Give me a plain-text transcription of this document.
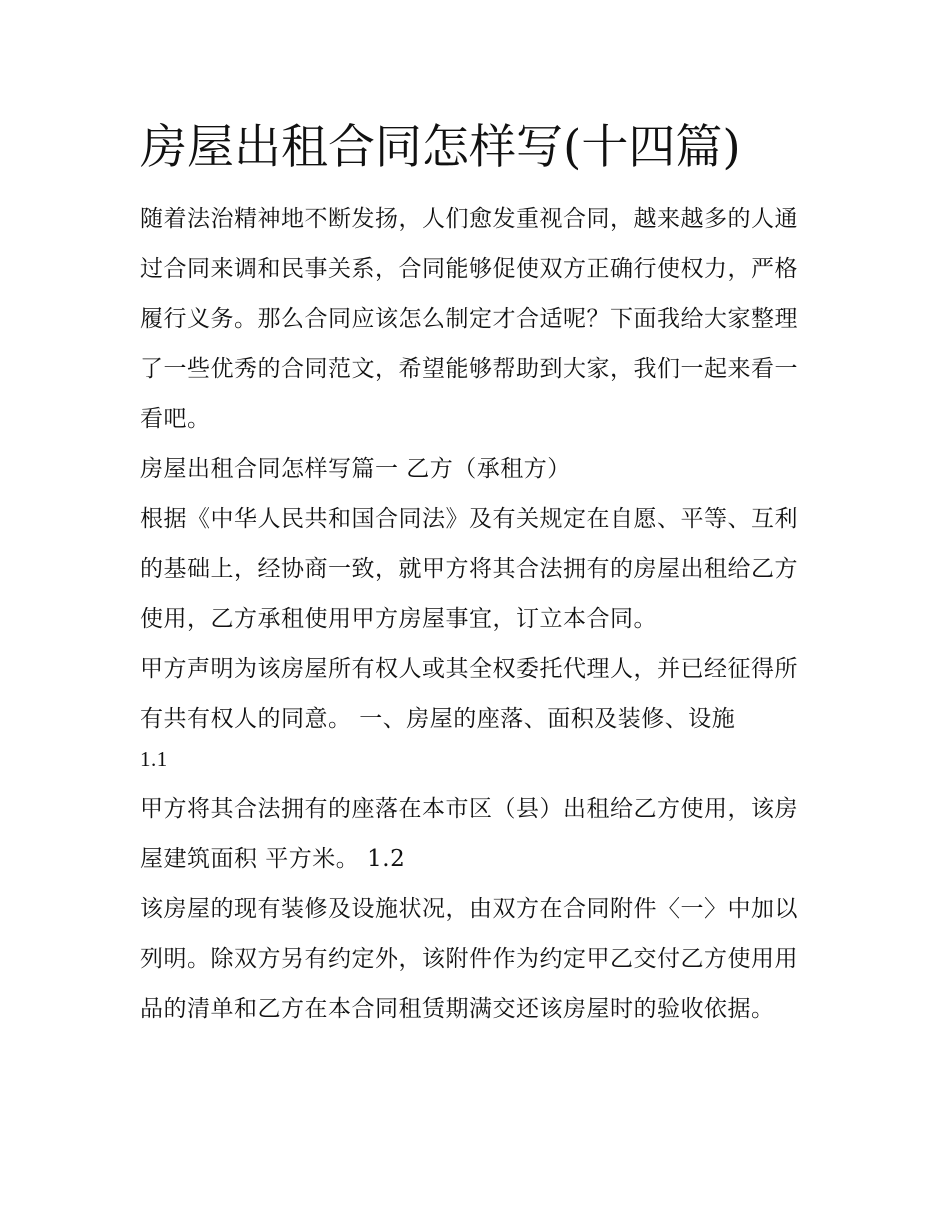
房屋出租合同怎样写(十四篇)

随着法治精神地不断发扬，人们愈发重视合同，越来越多的人通过合同来调和民事关系，合同能够促使双方正确行使权力，严格履行义务。那么合同应该怎么制定才合适呢？下面我给大家整理了一些优秀的合同范文，希望能够帮助到大家，我们一起来看一看吧。

房屋出租合同怎样写篇一 乙方（承租方）

根据《中华人民共和国合同法》及有关规定在自愿、平等、互利的基础上，经协商一致，就甲方将其合法拥有的房屋出租给乙方使用，乙方承租使用甲方房屋事宜，订立本合同。

甲方声明为该房屋所有权人或其全权委托代理人，并已经征得所有共有权人的同意。 一、房屋的座落、面积及装修、设施

1.1

甲方将其合法拥有的座落在本市区（县）出租给乙方使用，该房屋建筑面积 平方米。 1.2

该房屋的现有装修及设施状况，由双方在合同附件〈一〉中加以列明。除双方另有约定外，该附件作为约定甲乙交付乙方使用用品的清单和乙方在本合同租赁期满交还该房屋时的验收依据。
